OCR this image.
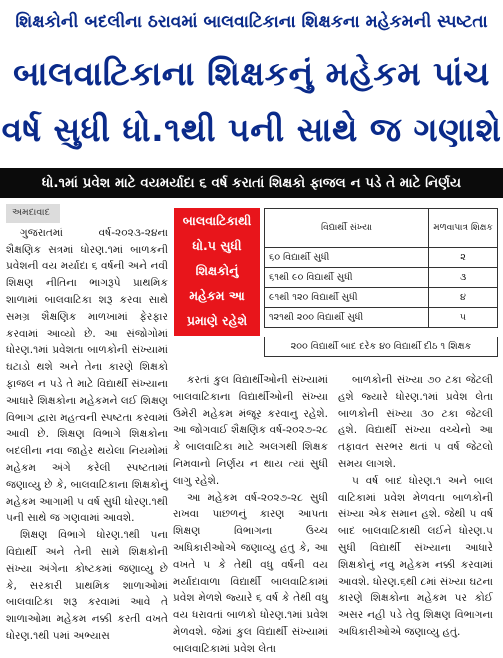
શિક્ષકોની બદલીના ઠરાવમાં બાલવાટિકાના શિક્ષકના મહેકમની સ્પષ્ટતા
બાલવાટિકાના શિક્ષકનું મહેકમ પાંચ
વર્ષ સુધી ધો.૧થી ૫ની સાથે જ ગણાશે
ધો.૧માં પ્રવેશ માટે વયમર્યાદા ૬ વર્ષ કરાતાં શિક્ષકો ફાજલ ન પડે તે માટે નિર્ણય
અમદાવાદ

ગુજરાતમાં વર્ષ-૨૦૨૩-૨૪ના શૈક્ષણિક સત્રમાં ધોરણ.૧માં બાળકની પ્રવેશની વય મર્યાદા ૬ વર્ષની અને નવી શિક્ષણ નીતિના ભાગરૂપે પ્રાથમિક શાળામાં બાલવાટિકા શરૂ કરવા સાથે સમગ્ર શૈક્ષણિક માળખામાં ફેરફાર કરવામાં આવ્યો છે. આ સંજોગોમાં ધોરણ.૧માં પ્રવેશતા બાળકોની સંખ્યામાં ઘટાડો થશે અને તેના કારણે શિક્ષકો ફાજલ ન પડે તે માટે વિદ્યાર્થી સંખ્યાના આધારે શિક્ષકોના મહેકમને લઈ શિક્ષણ વિભાગ દ્વારા મહત્વની સ્પષ્ટતા કરવામાં આવી છે. શિક્ષણ વિભાગે શિક્ષકોના બદલીના નવા જાહેર થયેલા નિયમોમાં મહેકમ અંગે કરેલી સ્પષ્ટતામાં જણાવ્યુ છે કે, બાલવાટિકાના શિક્ષકોનું મહેકમ આગામી ૫ વર્ષ સુધી ધોરણ.૧થી ૫ની સાથે જ ગણવામાં આવશે.

શિક્ષણ વિભાગે ધોરણ.૧થી ૫ના વિદ્યાર્થી અને તેની સામે શિક્ષકોની સંખ્યા અંગેના કોષ્ટકમાં જણાવ્યુ છે કે, સરકારી પ્રાથમિક શાળાઓમાં બાલવાટિકા શરૂ કરવામાં આવે તે શાળાઓમા મહેકમ નક્કી કરતી વખતે ધોરણ.૧થી ૫માં અભ્યાસ

બાલવાટિકાથી
ધો.૫ સુધી
શિક્ષકોનું
મહેકમ આ
પ્રમાણે રહેશે
વિદ્યાર્થી સંખ્યા	મળવાપાત્ર શિક્ષક
૬૦ વિદ્યાર્થી સુધી	૨
૬૧થી ૯૦ વિદ્યાર્થી સુધી	૩
૯૧થી ૧૨૦ વિદ્યાર્થી સુધી	૪
૧૨૧થી ૨૦૦ વિદ્યાર્થી સુધી	૫
૨૦૦ વિદ્યાર્થી બાદ દરેક ૪૦ વિદ્યાર્થી દીઠ ૧ શિક્ષક

કરતાં કુલ વિદ્યાર્થીઓની સંખ્યામાં બાલવાટિકાના વિદ્યાર્થીઓની સંખ્યા ઉમેરી મહેકમ મંજૂર કરવાનુ રહેશે. આ જોગવાઈ શૈક્ષણિક વર્ષ-૨૦૨૭-૨૮ કે બાલવાટિકા માટે અલગથી શિક્ષક નિમવાનો નિર્ણય ન થાય ત્યાં સુધી લાગુ રહેશે.

આ મહેકમ વર્ષ-૨૦૨૭-૨૮ સુધી રાખવા પાછળનું કારણ આપતા શિક્ષણ વિભાગના ઉચ્ચ અધિકારીઓએ જણાવ્યુ હતુ કે, આ વખતે ૫ કે તેથી વધુ વર્ષની વય મર્યાદાવાળા વિદ્યાર્થી બાલવાટિકામાં પ્રવેશ મેળશે જ્યારે ૬ વર્ષ કે તેથી વધુ વય ધરાવતાં બાળકો ધોરણ.૧માં પ્રવેશ મેળવશે. જેમાં કુલ વિદ્યાર્થી સંખ્યામાં બાલવાટિકામાં પ્રવેશ લેતા

બાળકોની સંખ્યા ૭૦ ટકા જેટલી હશે જ્યારે ધોરણ.૧માં પ્રવેશ લેતા બાળકોની સંખ્યા ૩૦ ટકા જેટલી હશે. વિદ્યાર્થી સંખ્યા વચ્ચેનો આ તફાવત સરભર થતાં ૫ વર્ષ જેટલો સમય લાગશે.

૫ વર્ષ બાદ ધોરણ.૧ અને બાલ વાટિકામાં પ્રવેશ મેળવતા બાળકોની સંખ્યા એક સમાન હશે. જેથી ૫ વર્ષ બાદ બાલવાટિકાથી લઈને ધોરણ.૫ સુધી વિદ્યાર્થી સંખ્યાના આધારે શિક્ષકોનું નવુ મહેકમ નક્કી કરવામાં આવશે. ધોરણ.૬થી ૮માં સંખ્યા ઘટના કારણે શિક્ષકોના મહેકમ પર કોઈ અસર નહી પડે તેવુ શિક્ષણ વિભાગના અધિકારીઓએ જણાવ્યુ હતું.
